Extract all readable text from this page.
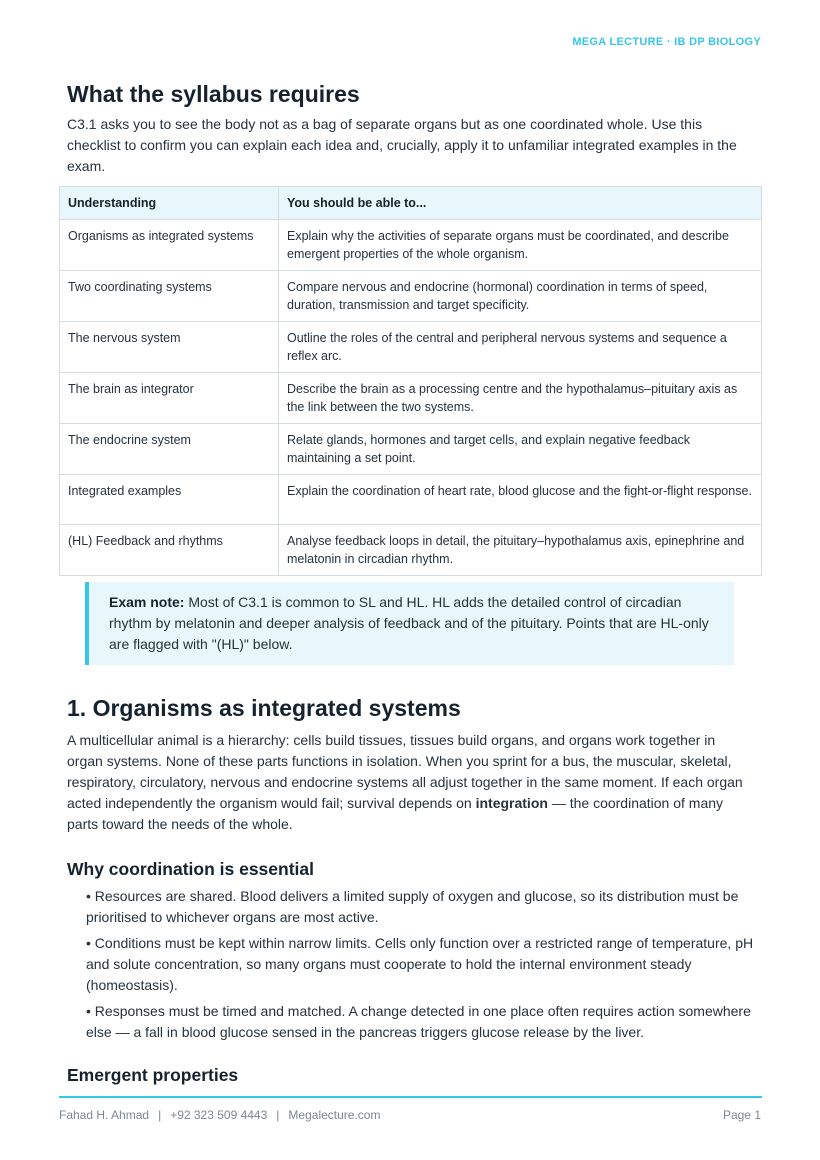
MEGA LECTURE · IB DP BIOLOGY
What the syllabus requires

C3.1 asks you to see the body not as a bag of separate organs but as one coordinated whole. Use this checklist to confirm you can explain each idea and, crucially, apply it to unfamiliar integrated examples in the exam.

Understanding	You should be able to...
Organisms as integrated systems	Explain why the activities of separate organs must be coordinated, and describe emergent properties of the whole organism.
Two coordinating systems	Compare nervous and endocrine (hormonal) coordination in terms of speed, duration, transmission and target specificity.
The nervous system	Outline the roles of the central and peripheral nervous systems and sequence a reflex arc.
The brain as integrator	Describe the brain as a processing centre and the hypothalamus–pituitary axis as the link between the two systems.
The endocrine system	Relate glands, hormones and target cells, and explain negative feedback maintaining a set point.
Integrated examples	Explain the coordination of heart rate, blood glucose and the fight-or-flight response.
(HL) Feedback and rhythms	Analyse feedback loops in detail, the pituitary–hypothalamus axis, epinephrine and melatonin in circadian rhythm.
Exam note: Most of C3.1 is common to SL and HL. HL adds the detailed control of circadian rhythm by melatonin and deeper analysis of feedback and of the pituitary. Points that are HL-only are flagged with "(HL)" below.
1. Organisms as integrated systems

A multicellular animal is a hierarchy: cells build tissues, tissues build organs, and organs work together in organ systems. None of these parts functions in isolation. When you sprint for a bus, the muscular, skeletal, respiratory, circulatory, nervous and endocrine systems all adjust together in the same moment. If each organ acted independently the organism would fail; survival depends on integration — the coordination of many parts toward the needs of the whole.

Why coordination is essential
• Resources are shared. Blood delivers a limited supply of oxygen and glucose, so its distribution must be prioritised to whichever organs are most active.
• Conditions must be kept within narrow limits. Cells only function over a restricted range of temperature, pH and solute concentration, so many organs must cooperate to hold the internal environment steady (homeostasis).
• Responses must be timed and matched. A change detected in one place often requires action somewhere else — a fall in blood glucose sensed in the pancreas triggers glucose release by the liver.
Emergent properties
Fahad H. Ahmad | +92 323 509 4443 | Megalecture.com	Page 1
